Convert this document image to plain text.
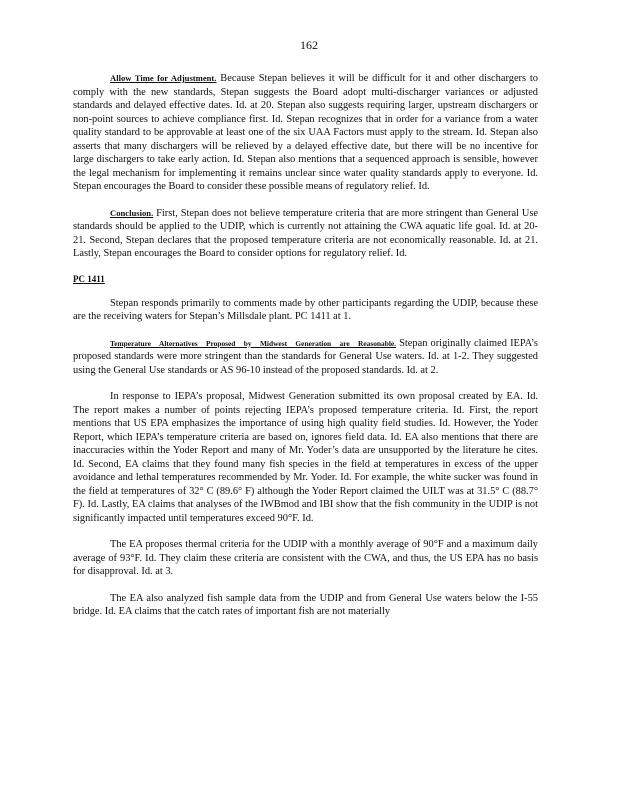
162

Allow Time for Adjustment. Because Stepan believes it will be difficult for it and other dischargers to comply with the new standards, Stepan suggests the Board adopt multi-discharger variances or adjusted standards and delayed effective dates. Id. at 20. Stepan also suggests requiring larger, upstream dischargers or non-point sources to achieve compliance first. Id. Stepan recognizes that in order for a variance from a water quality standard to be approvable at least one of the six UAA Factors must apply to the stream. Id. Stepan also asserts that many dischargers will be relieved by a delayed effective date, but there will be no incentive for large dischargers to take early action. Id. Stepan also mentions that a sequenced approach is sensible, however the legal mechanism for implementing it remains unclear since water quality standards apply to everyone. Id. Stepan encourages the Board to consider these possible means of regulatory relief. Id.

Conclusion. First, Stepan does not believe temperature criteria that are more stringent than General Use standards should be applied to the UDIP, which is currently not attaining the CWA aquatic life goal. Id. at 20-21. Second, Stepan declares that the proposed temperature criteria are not economically reasonable. Id. at 21. Lastly, Stepan encourages the Board to consider options for regulatory relief. Id.

PC 1411

Stepan responds primarily to comments made by other participants regarding the UDIP, because these are the receiving waters for Stepan’s Millsdale plant. PC 1411 at 1.

Temperature Alternatives Proposed by Midwest Generation are Reasonable. Stepan originally claimed IEPA’s proposed standards were more stringent than the standards for General Use waters. Id. at 1-2. They suggested using the General Use standards or AS 96-10 instead of the proposed standards. Id. at 2.

In response to IEPA’s proposal, Midwest Generation submitted its own proposal created by EA. Id. The report makes a number of points rejecting IEPA’s proposed temperature criteria. Id. First, the report mentions that US EPA emphasizes the importance of using high quality field studies. Id. However, the Yoder Report, which IEPA’s temperature criteria are based on, ignores field data. Id. EA also mentions that there are inaccuracies within the Yoder Report and many of Mr. Yoder’s data are unsupported by the literature he cites. Id. Second, EA claims that they found many fish species in the field at temperatures in excess of the upper avoidance and lethal temperatures recommended by Mr. Yoder. Id. For example, the white sucker was found in the field at temperatures of 32° C (89.6° F) although the Yoder Report claimed the UILT was at 31.5° C (88.7° F). Id. Lastly, EA claims that analyses of the IWBmod and IBI show that the fish community in the UDIP is not significantly impacted until temperatures exceed 90°F. Id.

The EA proposes thermal criteria for the UDIP with a monthly average of 90°F and a maximum daily average of 93°F. Id. They claim these criteria are consistent with the CWA, and thus, the US EPA has no basis for disapproval. Id. at 3.

The EA also analyzed fish sample data from the UDIP and from General Use waters below the I-55 bridge. Id. EA claims that the catch rates of important fish are not materially
